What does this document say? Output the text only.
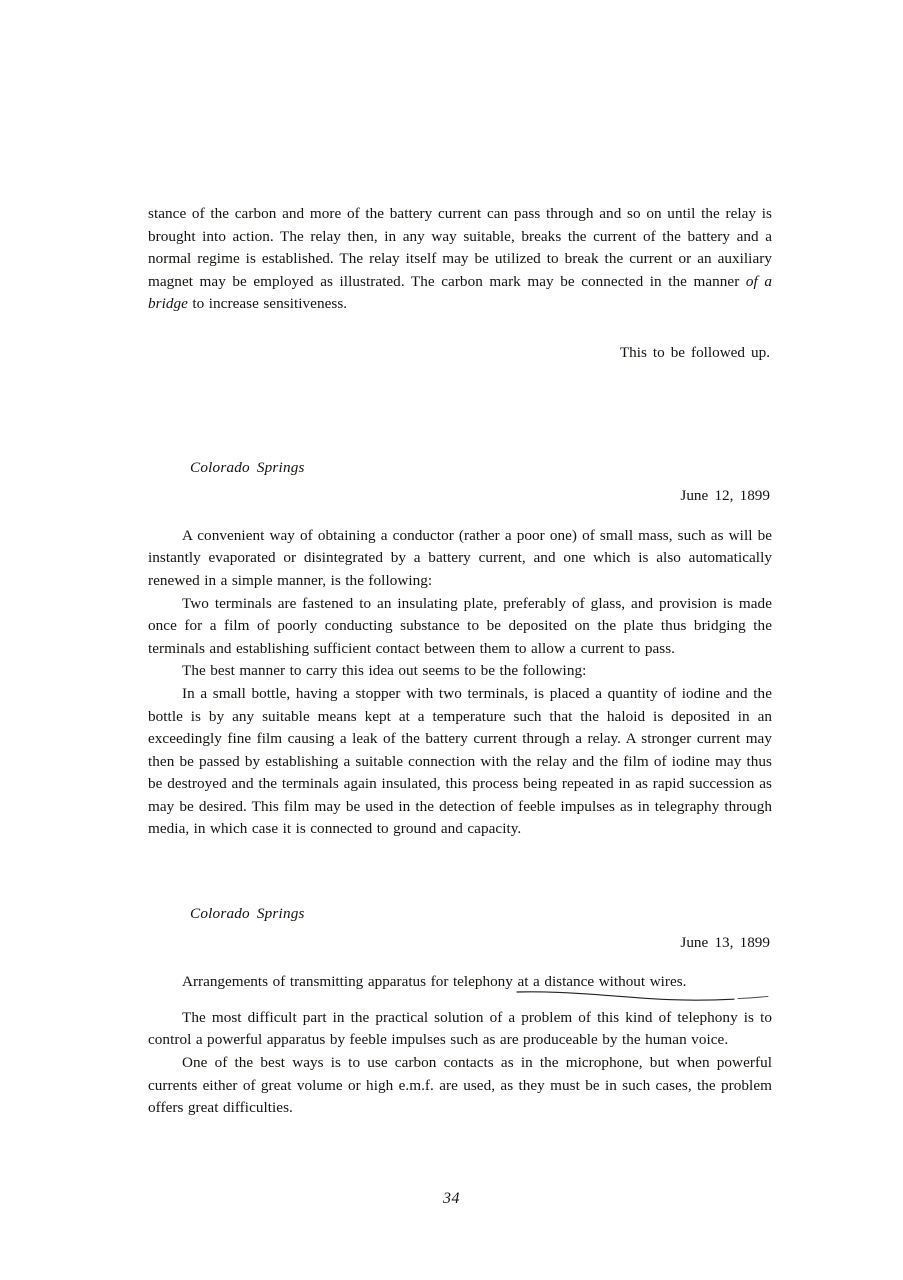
stance of the carbon and more of the battery current can pass through and so on until the relay is brought into action. The relay then, in any way suitable, breaks the current of the battery and a normal regime is established. The relay itself may be utilized to break the current or an auxiliary magnet may be employed as illustrated. The carbon mark may be connected in the manner of a bridge to increase sensitiveness.

This to be followed up.

Colorado Springs
June 12, 1899

A convenient way of obtaining a conductor (rather a poor one) of small mass, such as will be instantly evaporated or disintegrated by a battery current, and one which is also automatically renewed in a simple manner, is the following:

Two terminals are fastened to an insulating plate, preferably of glass, and provision is made once for a film of poorly conducting substance to be deposited on the plate thus bridging the terminals and establishing sufficient contact between them to allow a current to pass.

The best manner to carry this idea out seems to be the following:

In a small bottle, having a stopper with two terminals, is placed a quantity of iodine and the bottle is by any suitable means kept at a temperature such that the haloid is deposited in an exceedingly fine film causing a leak of the battery current through a relay. A stronger current may then be passed by establishing a suitable connection with the relay and the film of iodine may thus be destroyed and the terminals again insulated, this process being repeated in as rapid succession as may be desired. This film may be used in the detection of feeble impulses as in telegraphy through media, in which case it is connected to ground and capacity.

Colorado Springs
June 13, 1899

Arrangements of transmitting apparatus for telephony at a distance without wires.

The most difficult part in the practical solution of a problem of this kind of telephony is to control a powerful apparatus by feeble impulses such as are produceable by the human voice.

One of the best ways is to use carbon contacts as in the microphone, but when powerful currents either of great volume or high e.m.f. are used, as they must be in such cases, the problem offers great difficulties.

34
